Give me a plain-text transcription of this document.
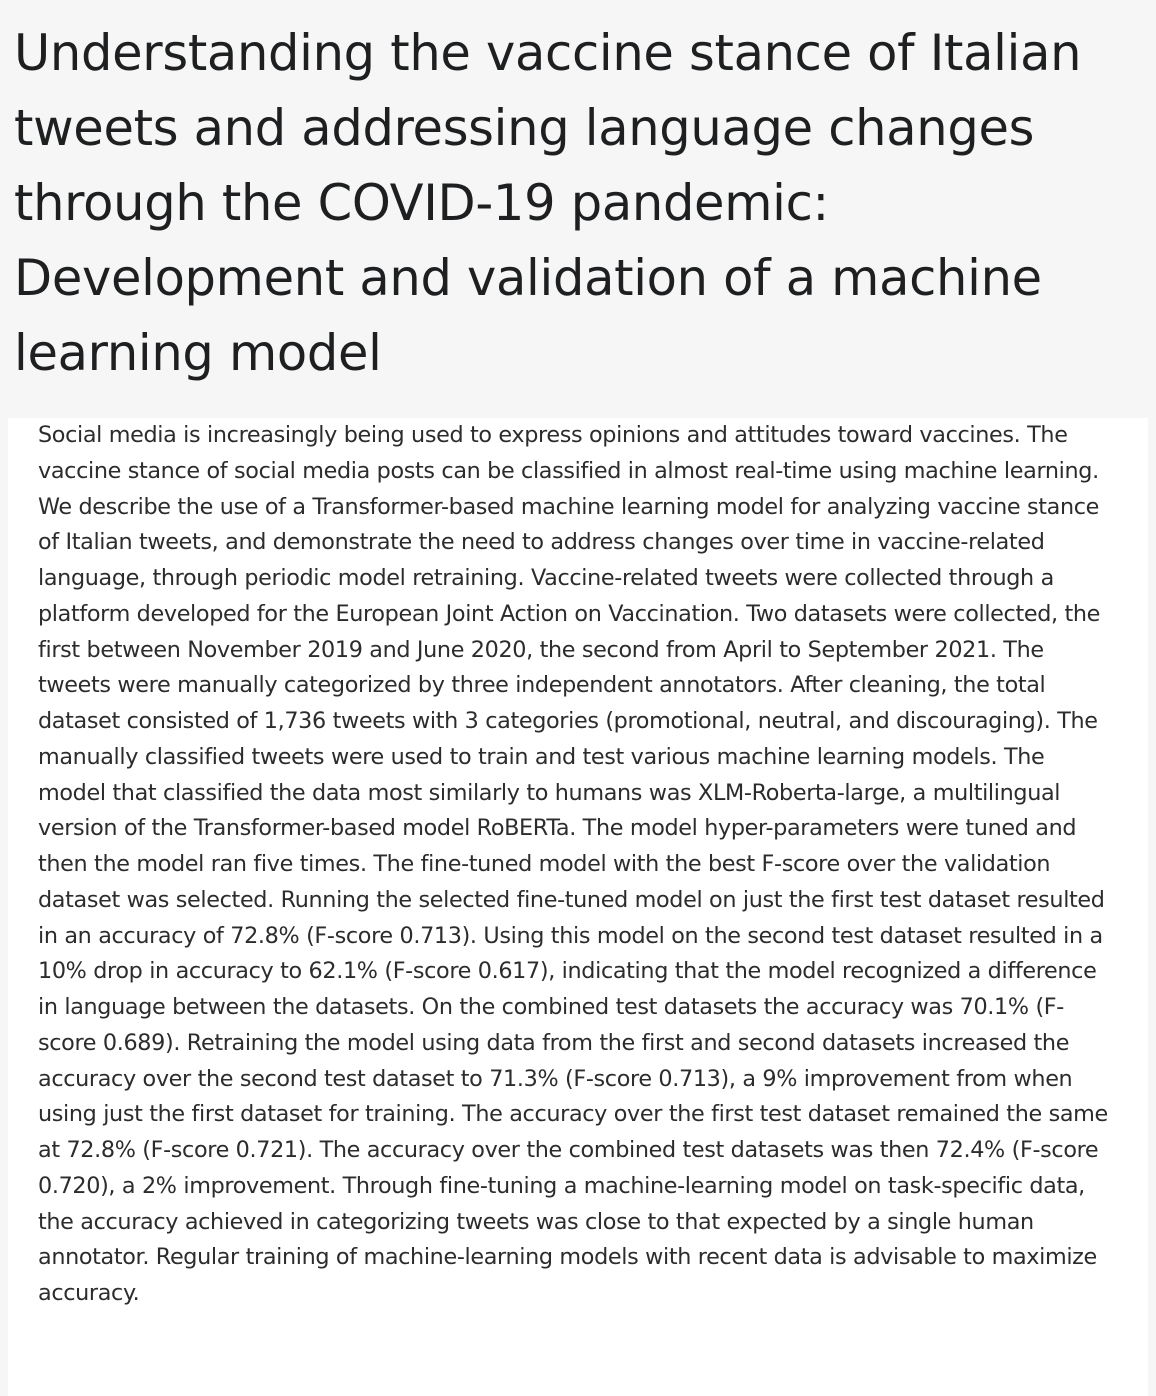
Understanding the vaccine stance of Italian tweets and addressing language changes through the COVID-19 pandemic: Development and validation of a machine learning model

Social media is increasingly being used to express opinions and attitudes toward vaccines. The vaccine stance of social media posts can be classified in almost real-time using machine learning. We describe the use of a Transformer-based machine learning model for analyzing vaccine stance of Italian tweets, and demonstrate the need to address changes over time in vaccine-related language, through periodic model retraining. Vaccine-related tweets were collected through a platform developed for the European Joint Action on Vaccination. Two datasets were collected, the first between November 2019 and June 2020, the second from April to September 2021. The tweets were manually categorized by three independent annotators. After cleaning, the total dataset consisted of 1,736 tweets with 3 categories (promotional, neutral, and discouraging). The manually classified tweets were used to train and test various machine learning models. The model that classified the data most similarly to humans was XLM-Roberta-large, a multilingual version of the Transformer-based model RoBERTa. The model hyper-parameters were tuned and then the model ran five times. The fine-tuned model with the best F-score over the validation dataset was selected. Running the selected fine-tuned model on just the first test dataset resulted in an accuracy of 72.8% (F-score 0.713). Using this model on the second test dataset resulted in a 10% drop in accuracy to 62.1% (F-score 0.617), indicating that the model recognized a difference in language between the datasets. On the combined test datasets the accuracy was 70.1% (F-score 0.689). Retraining the model using data from the first and second datasets increased the accuracy over the second test dataset to 71.3% (F-score 0.713), a 9% improvement from when using just the first dataset for training. The accuracy over the first test dataset remained the same at 72.8% (F-score 0.721). The accuracy over the combined test datasets was then 72.4% (F-score 0.720), a 2% improvement. Through fine-tuning a machine-learning model on task-specific data, the accuracy achieved in categorizing tweets was close to that expected by a single human annotator. Regular training of machine-learning models with recent data is advisable to maximize accuracy.
